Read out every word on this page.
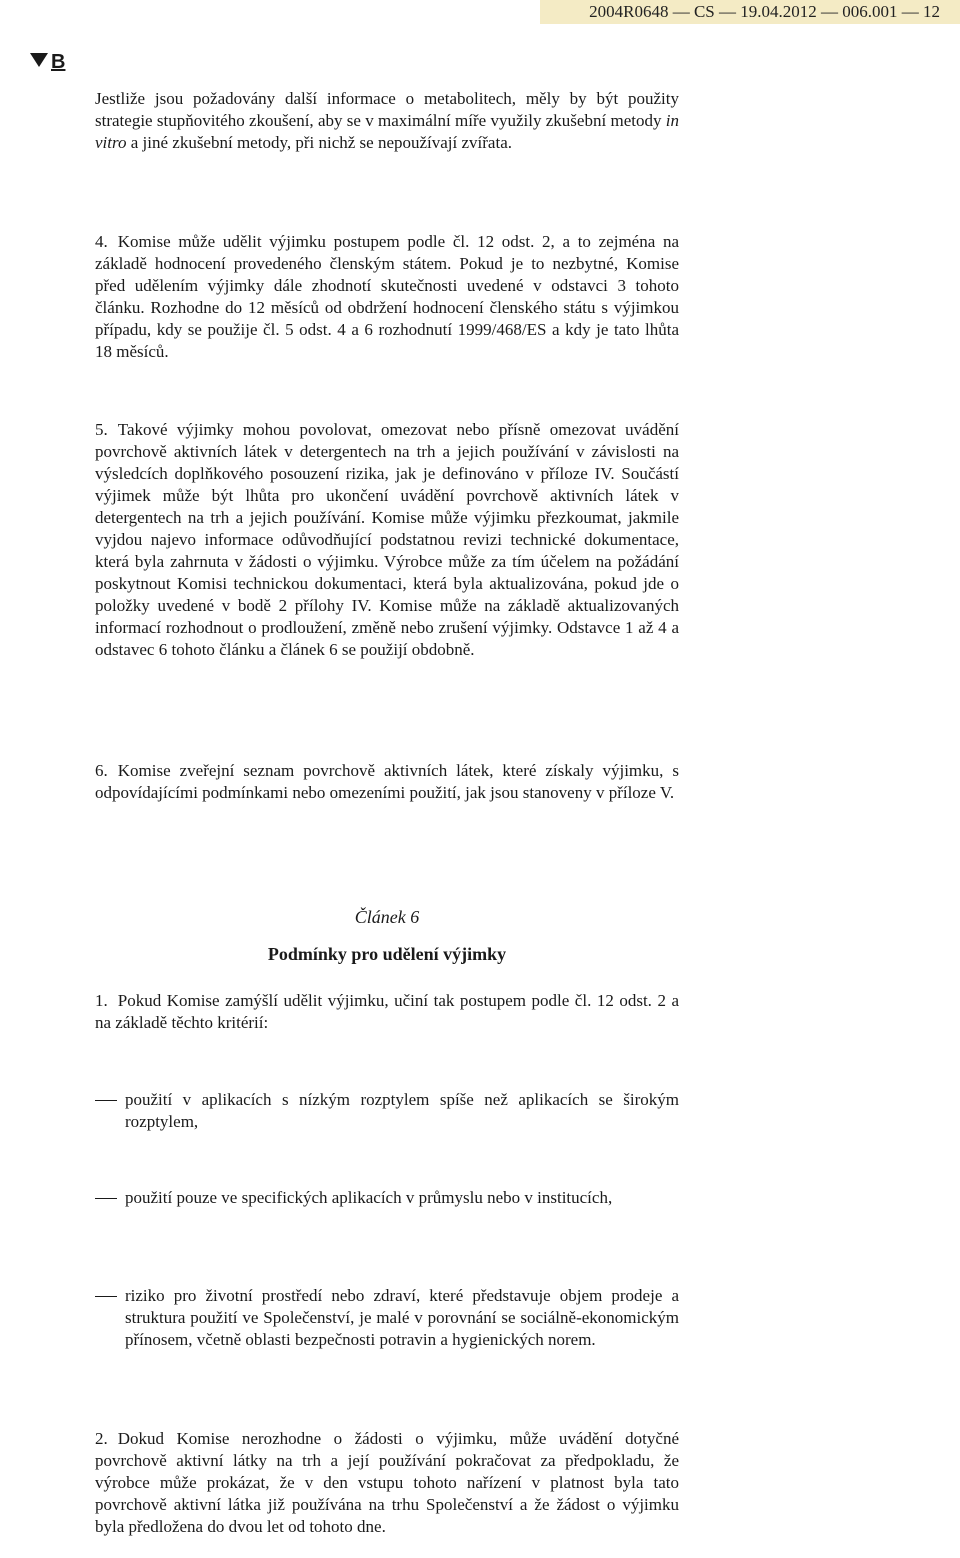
2004R0648 — CS — 19.04.2012 — 006.001 — 12
B

Jestliže jsou požadovány další informace o metabolitech, měly by být použity strategie stupňovitého zkoušení, aby se v maximální míře využily zkušební metody in vitro a jiné zkušební metody, při nichž se nepoužívají zvířata.

4. Komise může udělit výjimku postupem podle čl. 12 odst. 2, a to zejména na základě hodnocení provedeného členským státem. Pokud je to nezbytné, Komise před udělením výjimky dále zhodnotí skutečnosti uvedené v odstavci 3 tohoto článku. Rozhodne do 12 měsíců od obdržení hodnocení členského státu s výjimkou případu, kdy se použije čl. 5 odst. 4 a 6 rozhodnutí 1999/468/ES a kdy je tato lhůta 18 měsíců.

5. Takové výjimky mohou povolovat, omezovat nebo přísně omezovat uvádění povrchově aktivních látek v detergentech na trh a jejich používání v závislosti na výsledcích doplňkového posouzení rizika, jak je definováno v příloze IV. Součástí výjimek může být lhůta pro ukončení uvádění povrchově aktivních látek v detergentech na trh a jejich používání. Komise může výjimku přezkoumat, jakmile vyjdou najevo informace odůvodňující podstatnou revizi technické dokumentace, která byla zahrnuta v žádosti o výjimku. Výrobce může za tím účelem na požádání poskytnout Komisi technickou dokumentaci, která byla aktualizována, pokud jde o položky uvedené v bodě 2 přílohy IV. Komise může na základě aktualizovaných informací rozhodnout o prodloužení, změně nebo zrušení výjimky. Odstavce 1 až 4 a odstavec 6 tohoto článku a článek 6 se použijí obdobně.

6. Komise zveřejní seznam povrchově aktivních látek, které získaly výjimku, s odpovídajícími podmínkami nebo omezeními použití, jak jsou stanoveny v příloze V.

Článek 6

Podmínky pro udělení výjimky

1. Pokud Komise zamýšlí udělit výjimku, učiní tak postupem podle čl. 12 odst. 2 a na základě těchto kritérií:

použití v aplikacích s nízkým rozptylem spíše než aplikacích se širokým rozptylem,
použití pouze ve specifických aplikacích v průmyslu nebo v institucích,
riziko pro životní prostředí nebo zdraví, které představuje objem prodeje a struktura použití ve Společenství, je malé v porovnání se sociálně-ekonomickým přínosem, včetně oblasti bezpečnosti potravin a hygienických norem.

2. Dokud Komise nerozhodne o žádosti o výjimku, může uvádění dotyčné povrchově aktivní látky na trh a její používání pokračovat za předpokladu, že výrobce může prokázat, že v den vstupu tohoto nařízení v platnost byla tato povrchově aktivní látka již používána na trhu Společenství a že žádost o výjimku byla předložena do dvou let od tohoto dne.
